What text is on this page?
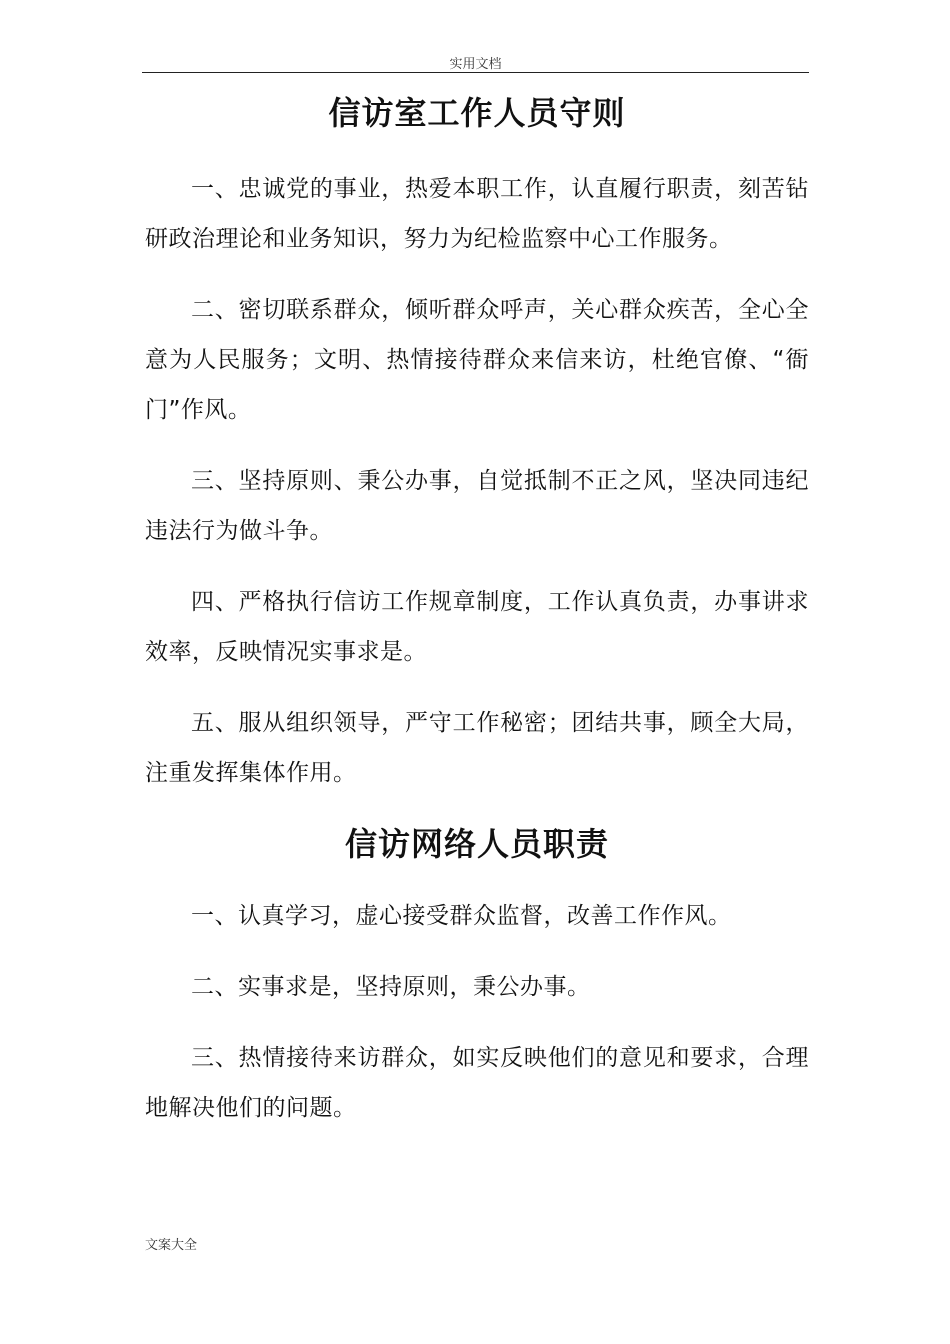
实用文档
信访室工作人员守则

一、忠诚党的事业，热爱本职工作，认直履行职责，刻苦钻研政治理论和业务知识，努力为纪检监察中心工作服务。

二、密切联系群众，倾听群众呼声，关心群众疾苦，全心全意为人民服务；文明、热情接待群众来信来访，杜绝官僚、“衙门”作风。

三、坚持原则、秉公办事，自觉抵制不正之风，坚决同违纪违法行为做斗争。

四、严格执行信访工作规章制度，工作认真负责，办事讲求效率，反映情况实事求是。

五、服从组织领导，严守工作秘密；团结共事，顾全大局，注重发挥集体作用。

信访网络人员职责

一、认真学习，虚心接受群众监督，改善工作作风。

二、实事求是，坚持原则，秉公办事。

三、热情接待来访群众，如实反映他们的意见和要求，合理地解决他们的问题。

文案大全
